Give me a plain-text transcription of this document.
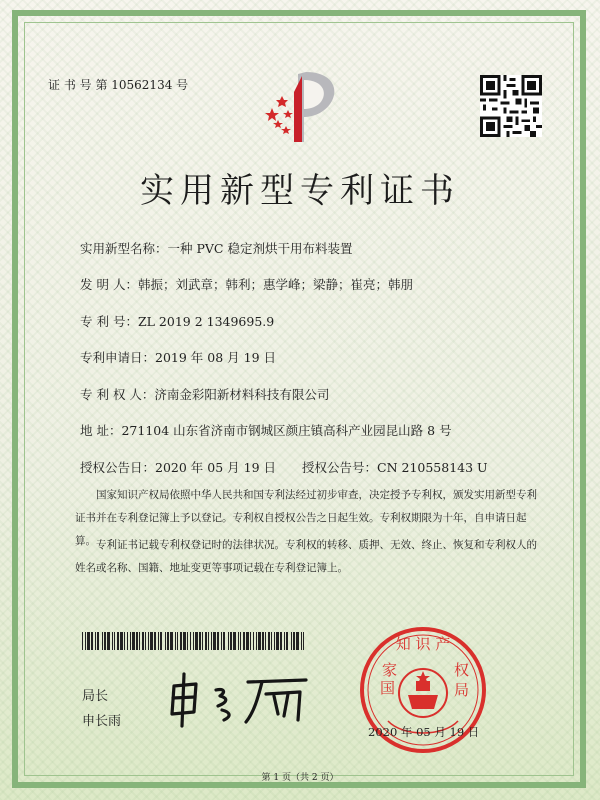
证 书 号 第 10562134 号
实用新型专利证书
实用新型名称：一种 PVC 稳定剂烘干用布料装置
发 明 人：韩振；刘武章；韩利；惠学峰；梁静；崔亮；韩朋
专 利 号：ZL 2019 2 1349695.9
专利申请日：2019 年 08 月 19 日
专 利 权 人：济南金彩阳新材料科技有限公司
地 址：271104 山东省济南市钢城区颜庄镇高科产业园昆山路 8 号
授权公告日：2020 年 05 月 19 日 授权公告号：CN 210558143 U
国家知识产权局依照中华人民共和国专利法经过初步审查，决定授予专利权，颁发实用新型专利证书并在专利登记簿上予以登记。专利权自授权公告之日起生效。专利权期限为十年，自申请日起算。 专利证书记载专利权登记时的法律状况。专利权的转移、质押、无效、终止、恢复和专利权人的姓名或名称、国籍、地址变更等事项记载在专利登记簿上。
局长
申长雨
知 识 产
国
家	权
局
2020 年 05 月 19 日
第 1 页（共 2 页）
